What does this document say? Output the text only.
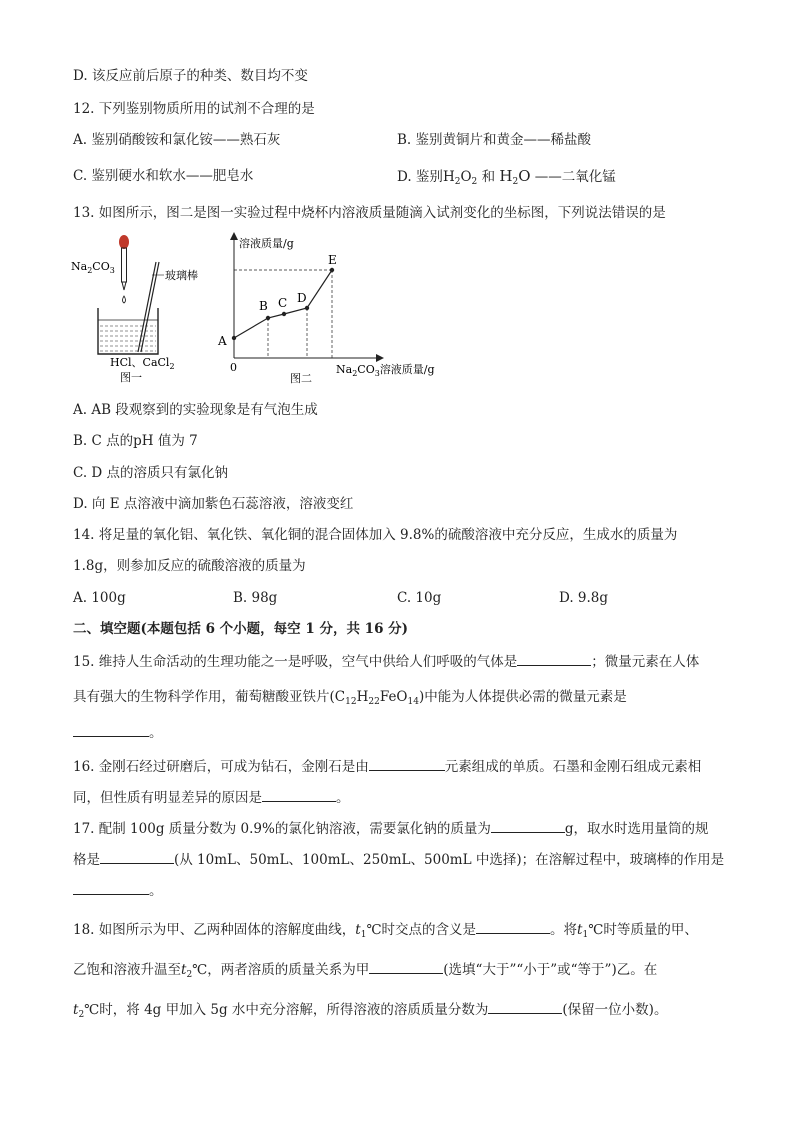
D. 该反应前后原子的种类、数目均不变
12. 下列鉴别物质所用的试剂不合理的是
A. 鉴别硝酸铵和氯化铵——熟石灰	B. 鉴别黄铜片和黄金——稀盐酸
C. 鉴别硬水和软水——肥皂水	D. 鉴别$H_2O_2$ 和 $H_2O$ ——二氧化锰
13. 如图所示，图二是图一实验过程中烧杯内溶液质量随滴入试剂变化的坐标图，下列说法错误的是
$Na_2CO_3$	玻璃棒
HCl、CaCl$_2$
图一
溶液质量/g
$Na_2CO_3$溶液质量/g
0
A
B C D
E
图二
A. AB 段观察到的实验现象是有气泡生成
B. C 点的pH 值为 7
C. D 点的溶质只有氯化钠
D. 向 E 点溶液中滴加紫色石蕊溶液，溶液变红
14. 将足量的氧化铝、氧化铁、氧化铜的混合固体加入 9.8%的硫酸溶液中充分反应，生成水的质量为
1.8g，则参加反应的硫酸溶液的质量为
A. 100g	B. 98g	C. 10g	D. 9.8g
二、填空题(本题包括 6 个小题，每空 1 分，共 16 分)
15. 维持人生命活动的生理功能之一是呼吸，空气中供给人们呼吸的气体是	；微量元素在人体
具有强大的生物科学作用，葡萄糖酸亚铁片$(C_{12}H_{22}FeO_{14})$中能为人体提供必需的微量元素是
。
16. 金刚石经过研磨后，可成为钻石，金刚石是由	元素组成的单质。石墨和金刚石组成元素相
同，但性质有明显差异的原因是	。
17. 配制 100g 质量分数为 0.9%的氯化钠溶液，需要氯化钠的质量为	g，取水时选用量筒的规
格是	(从 10mL、50mL、100mL、250mL、500mL 中选择)；在溶解过程中，玻璃棒的作用是
。
18. 如图所示为甲、乙两种固体的溶解度曲线，$t_1℃$时交点的含义是	。将$t_1℃$时等质量的甲、
乙饱和溶液升温至$t_2℃$，两者溶质的质量关系为甲	(选填“大于”“小于”或“等于”)乙。在
$t_2℃$时，将 4g 甲加入 5g 水中充分溶解，所得溶液的溶质质量分数为	(保留一位小数)。
